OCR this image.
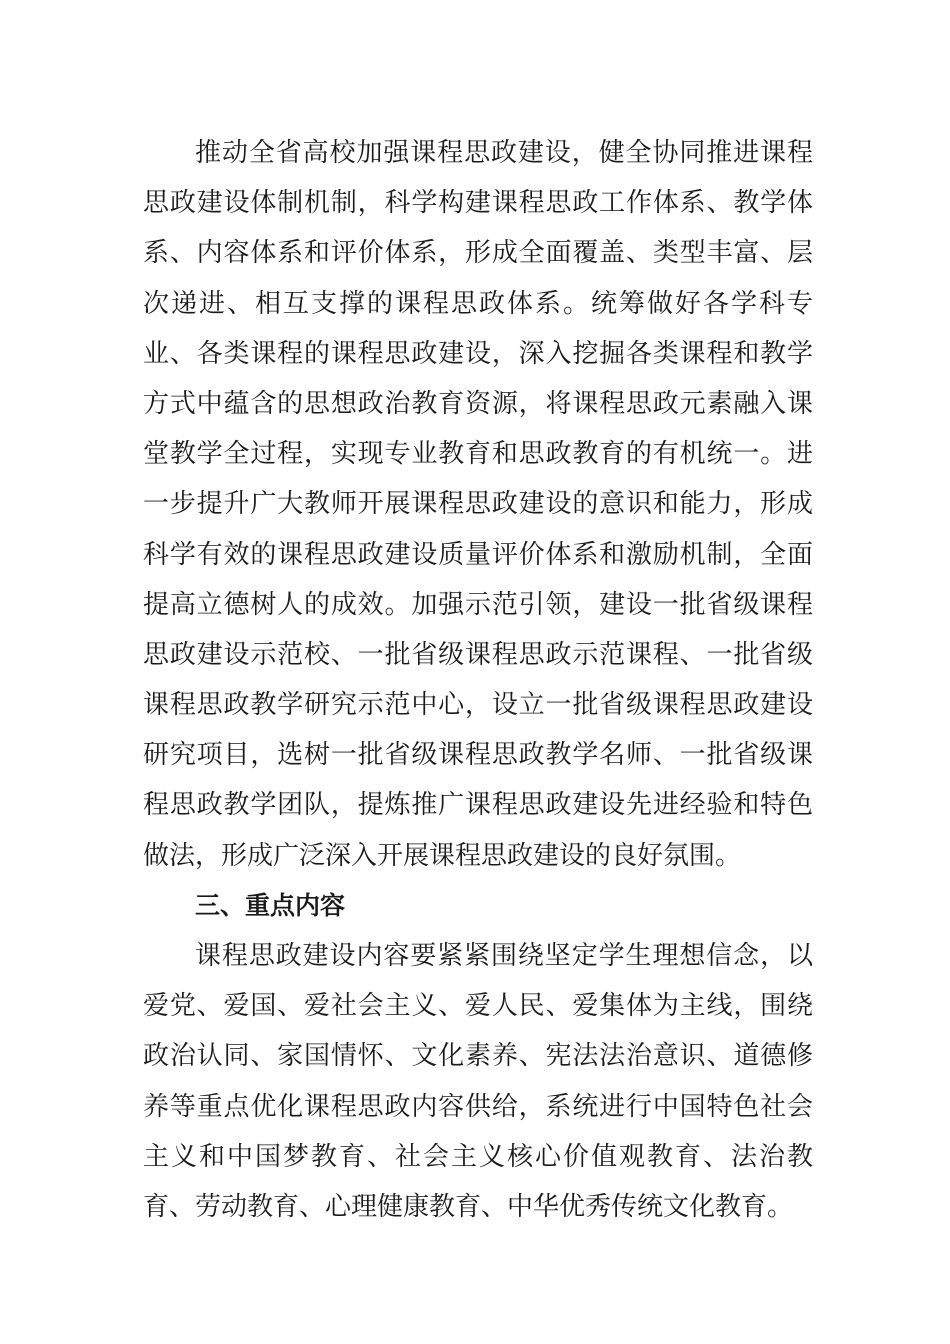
推动全省高校加强课程思政建设，健全协同推进课程
思政建设体制机制，科学构建课程思政工作体系、教学体
系、内容体系和评价体系，形成全面覆盖、类型丰富、层
次递进、相互支撑的课程思政体系。统筹做好各学科专
业、各类课程的课程思政建设，深入挖掘各类课程和教学
方式中蕴含的思想政治教育资源，将课程思政元素融入课
堂教学全过程，实现专业教育和思政教育的有机统一。进
一步提升广大教师开展课程思政建设的意识和能力，形成
科学有效的课程思政建设质量评价体系和激励机制，全面
提高立德树人的成效。加强示范引领，建设一批省级课程
思政建设示范校、一批省级课程思政示范课程、一批省级
课程思政教学研究示范中心，设立一批省级课程思政建设
研究项目，选树一批省级课程思政教学名师、一批省级课
程思政教学团队，提炼推广课程思政建设先进经验和特色
做法，形成广泛深入开展课程思政建设的良好氛围。
三、重点内容
课程思政建设内容要紧紧围绕坚定学生理想信念，以
爱党、爱国、爱社会主义、爱人民、爱集体为主线，围绕
政治认同、家国情怀、文化素养、宪法法治意识、道德修
养等重点优化课程思政内容供给，系统进行中国特色社会
主义和中国梦教育、社会主义核心价值观教育、法治教
育、劳动教育、心理健康教育、中华优秀传统文化教育。
